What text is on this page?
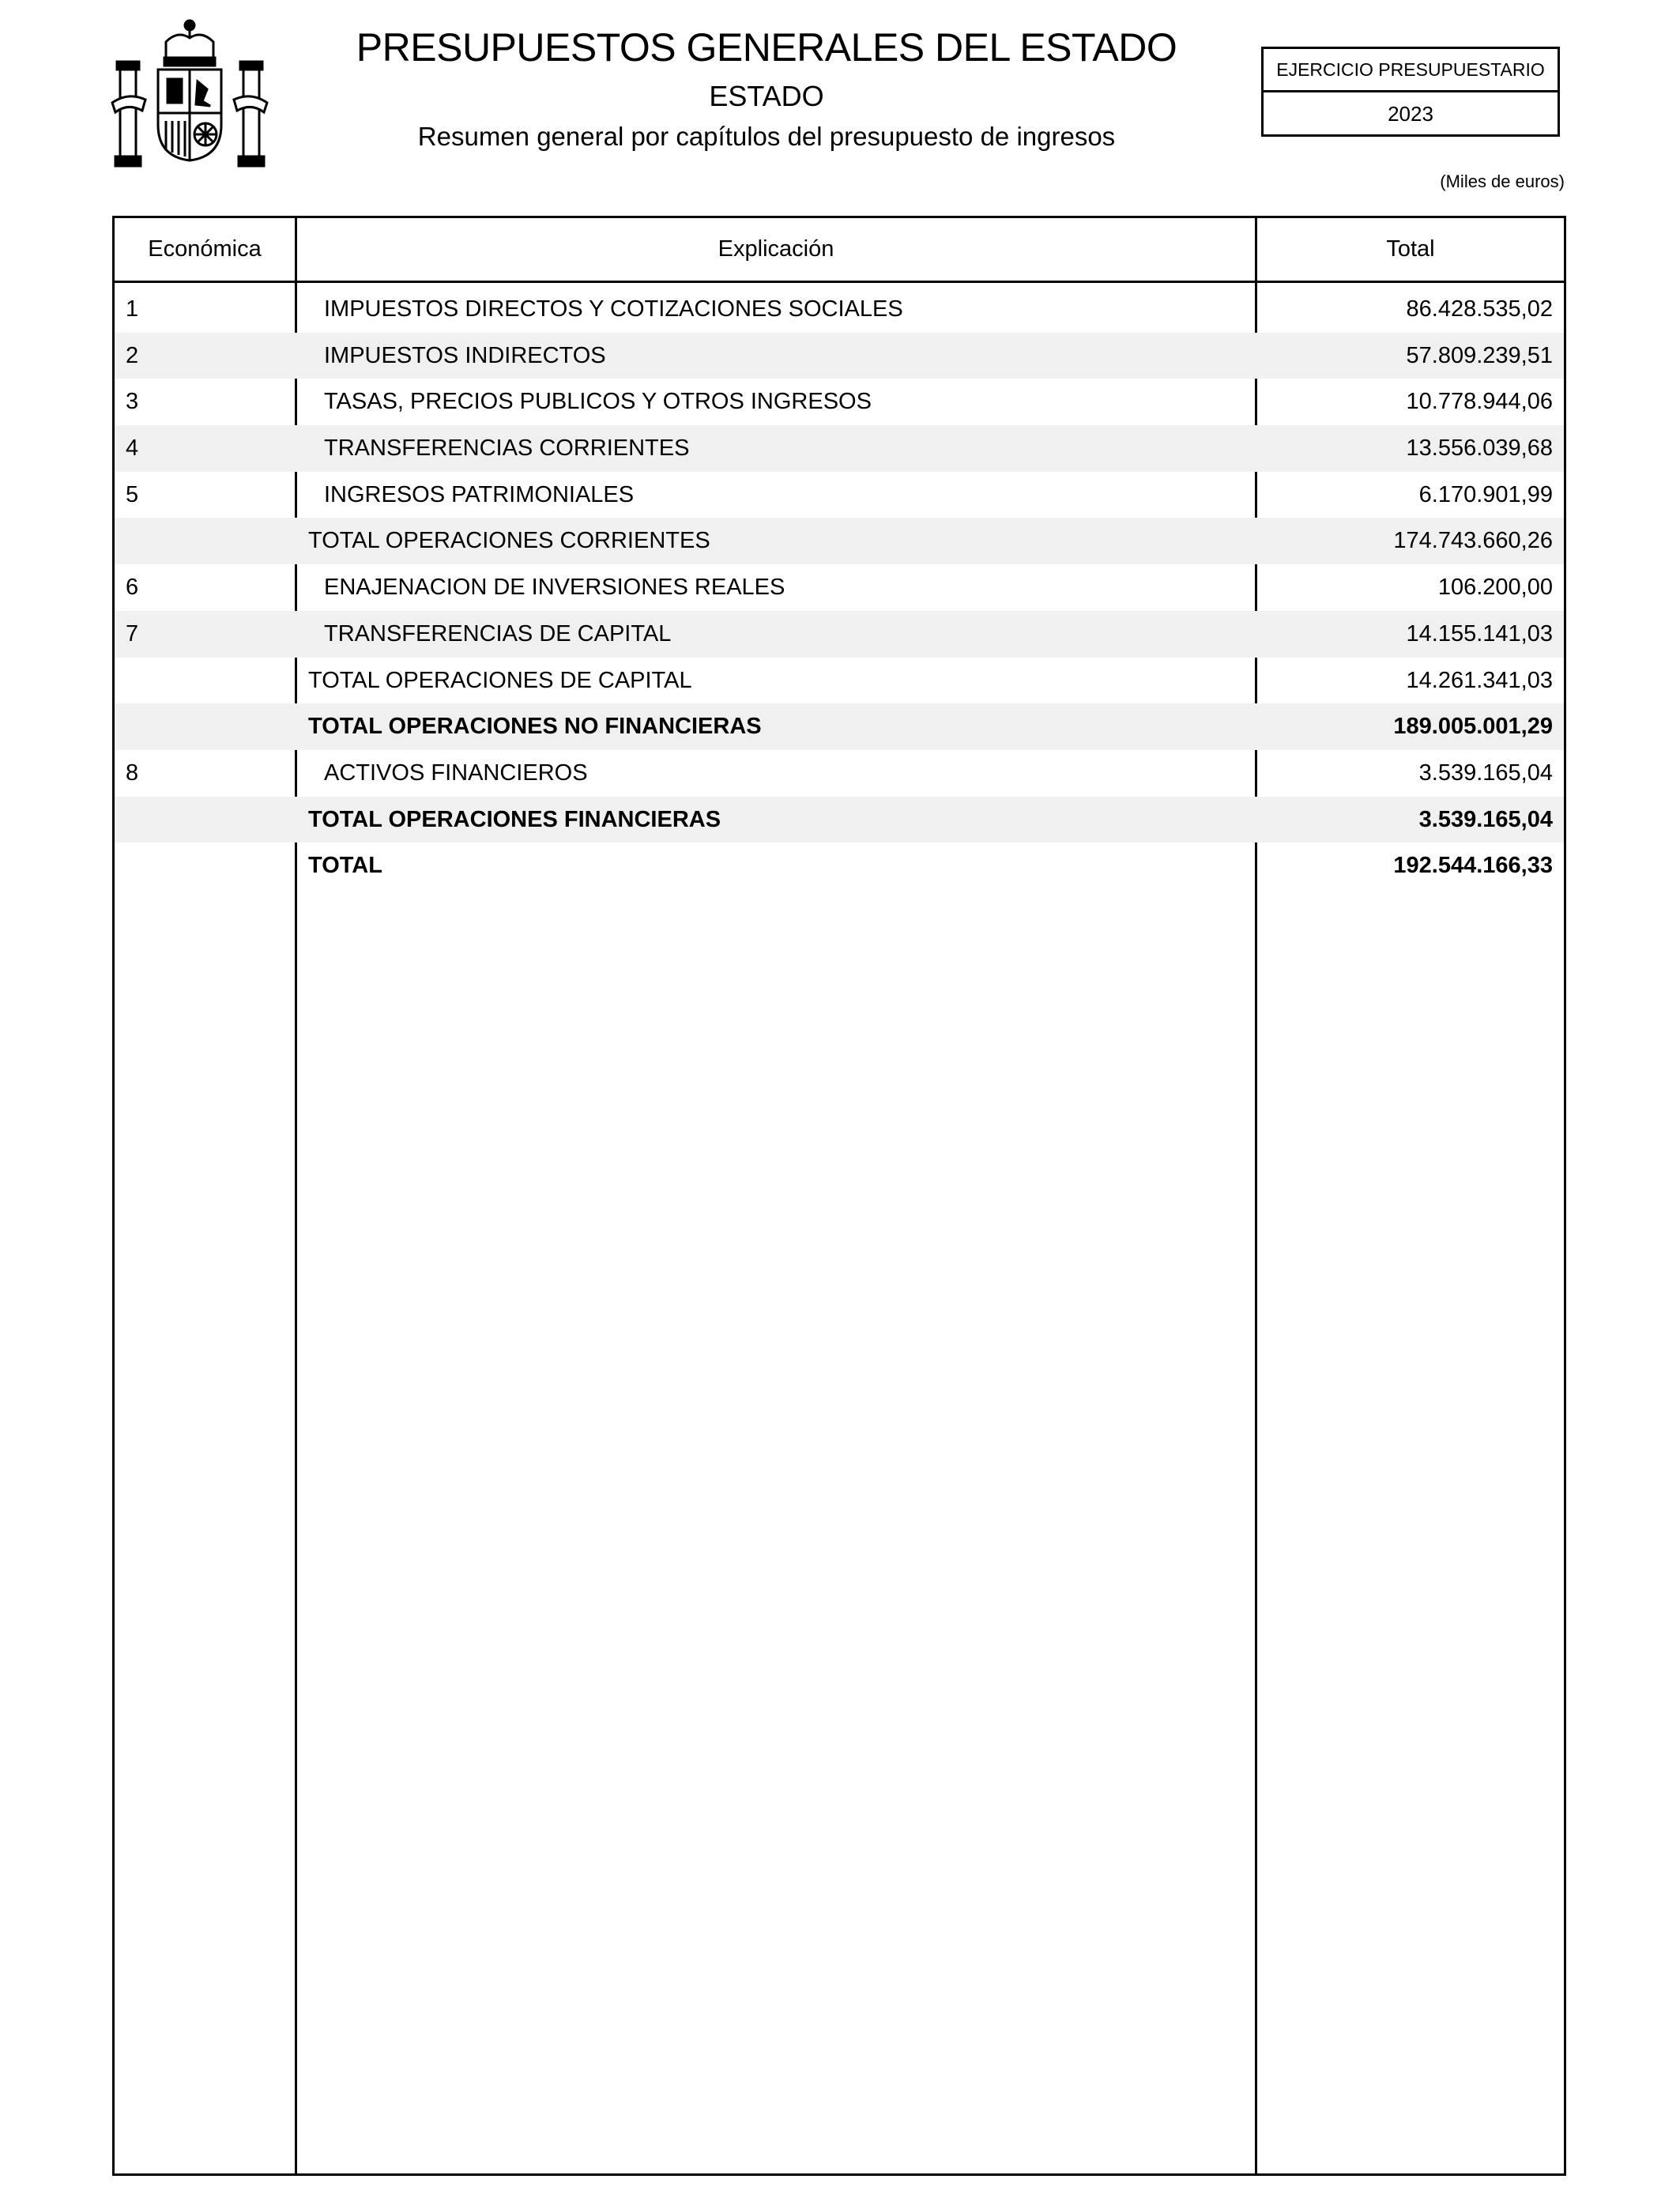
PRESUPUESTOS GENERALES DEL ESTADO
ESTADO
Resumen general por capítulos del presupuesto de ingresos
EJERCICIO PRESUPUESTARIO
2023
(Miles de euros)
Económica	Explicación	Total
1	IMPUESTOS DIRECTOS Y COTIZACIONES SOCIALES	86.428.535,02
2	IMPUESTOS INDIRECTOS	57.809.239,51
3	TASAS, PRECIOS PUBLICOS Y OTROS INGRESOS	10.778.944,06
4	TRANSFERENCIAS CORRIENTES	13.556.039,68
5	INGRESOS PATRIMONIALES	6.170.901,99
TOTAL OPERACIONES CORRIENTES	174.743.660,26
6	ENAJENACION DE INVERSIONES REALES	106.200,00
7	TRANSFERENCIAS DE CAPITAL	14.155.141,03
TOTAL OPERACIONES DE CAPITAL	14.261.341,03
TOTAL OPERACIONES NO FINANCIERAS	189.005.001,29
8	ACTIVOS FINANCIEROS	3.539.165,04
TOTAL OPERACIONES FINANCIERAS	3.539.165,04
TOTAL	192.544.166,33
